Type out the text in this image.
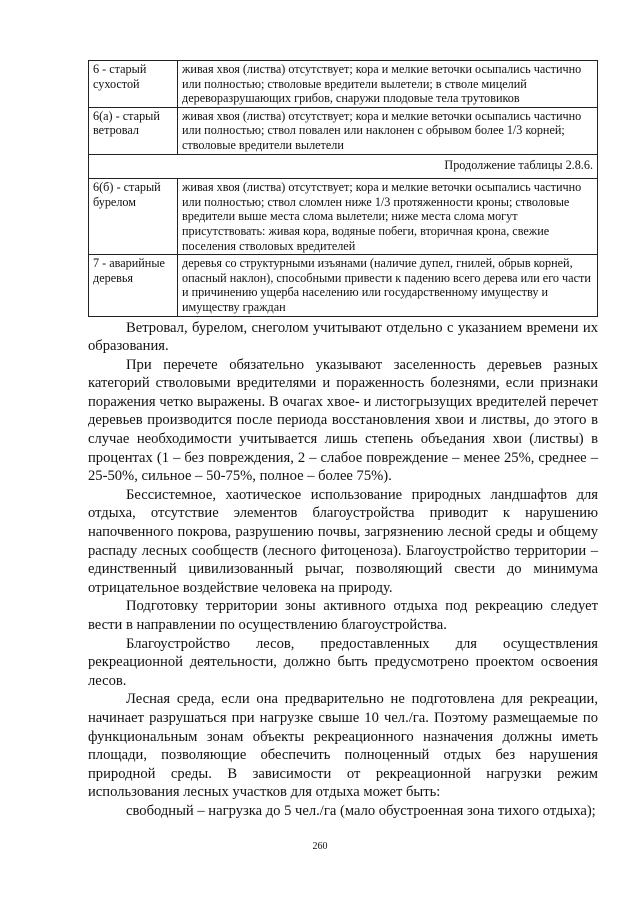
6 - старый сухостой	живая хвоя (листва) отсутствует; кора и мелкие веточки осыпались частично или полностью; стволовые вредители вылетели; в стволе мицелий дереворазрушающих грибов, снаружи плодовые тела трутовиков
6(а) - старый ветровал	живая хвоя (листва) отсутствует; кора и мелкие веточки осыпались частично или полностью; ствол повален или наклонен с обрывом более 1/3 корней; стволовые вредители вылетели
Продолжение таблицы 2.8.6.	
6(б) - старый бурелом	живая хвоя (листва) отсутствует; кора и мелкие веточки осыпались частично или полностью; ствол сломлен ниже 1/3 протяженности кроны; стволовые вредители выше места слома вылетели; ниже места слома могут присутствовать: живая кора, водяные побеги, вторичная крона, свежие поселения стволовых вредителей
7 - аварийные деревья	деревья со структурными изъянами (наличие дупел, гнилей, обрыв корней, опасный наклон), способными привести к падению всего дерева или его части и причинению ущерба населению или государственному имуществу и имуществу граждан

Ветровал, бурелом, снеголом учитывают отдельно с указанием времени их образования.

При перечете обязательно указывают заселенность деревьев разных категорий стволовыми вредителями и пораженность болезнями, если признаки поражения четко выражены. В очагах хвое- и листогрызущих вредителей перечет деревьев производится после периода восстановления хвои и листвы, до этого в случае необходимости учитывается лишь степень объедания хвои (листвы) в процентах (1 – без повреждения, 2 – слабое повреждение – менее 25%, среднее – 25-50%, сильное – 50-75%, полное – более 75%).

Бессистемное, хаотическое использование природных ландшафтов для отдыха, отсутствие элементов благоустройства приводит к нарушению напочвенного покрова, разрушению почвы, загрязнению лесной среды и общему распаду лесных сообществ (лесного фитоценоза). Благоустройство территории – единственный цивилизованный рычаг, позволяющий свести до минимума отрицательное воздействие человека на природу.

Подготовку территории зоны активного отдыха под рекреацию следует вести в направлении по осуществлению благоустройства.

Благоустройство лесов, предоставленных для осуществления рекреационной деятельности, должно быть предусмотрено проектом освоения лесов.

Лесная среда, если она предварительно не подготовлена для рекреации, начинает разрушаться при нагрузке свыше 10 чел./га. Поэтому размещаемые по функциональным зонам объекты рекреационного назначения должны иметь площади, позволяющие обеспечить полноценный отдых без нарушения природной среды. В зависимости от рекреационной нагрузки режим использования лесных участков для отдыха может быть:

свободный – нагрузка до 5 чел./га (мало обустроенная зона тихого отдыха);

260
